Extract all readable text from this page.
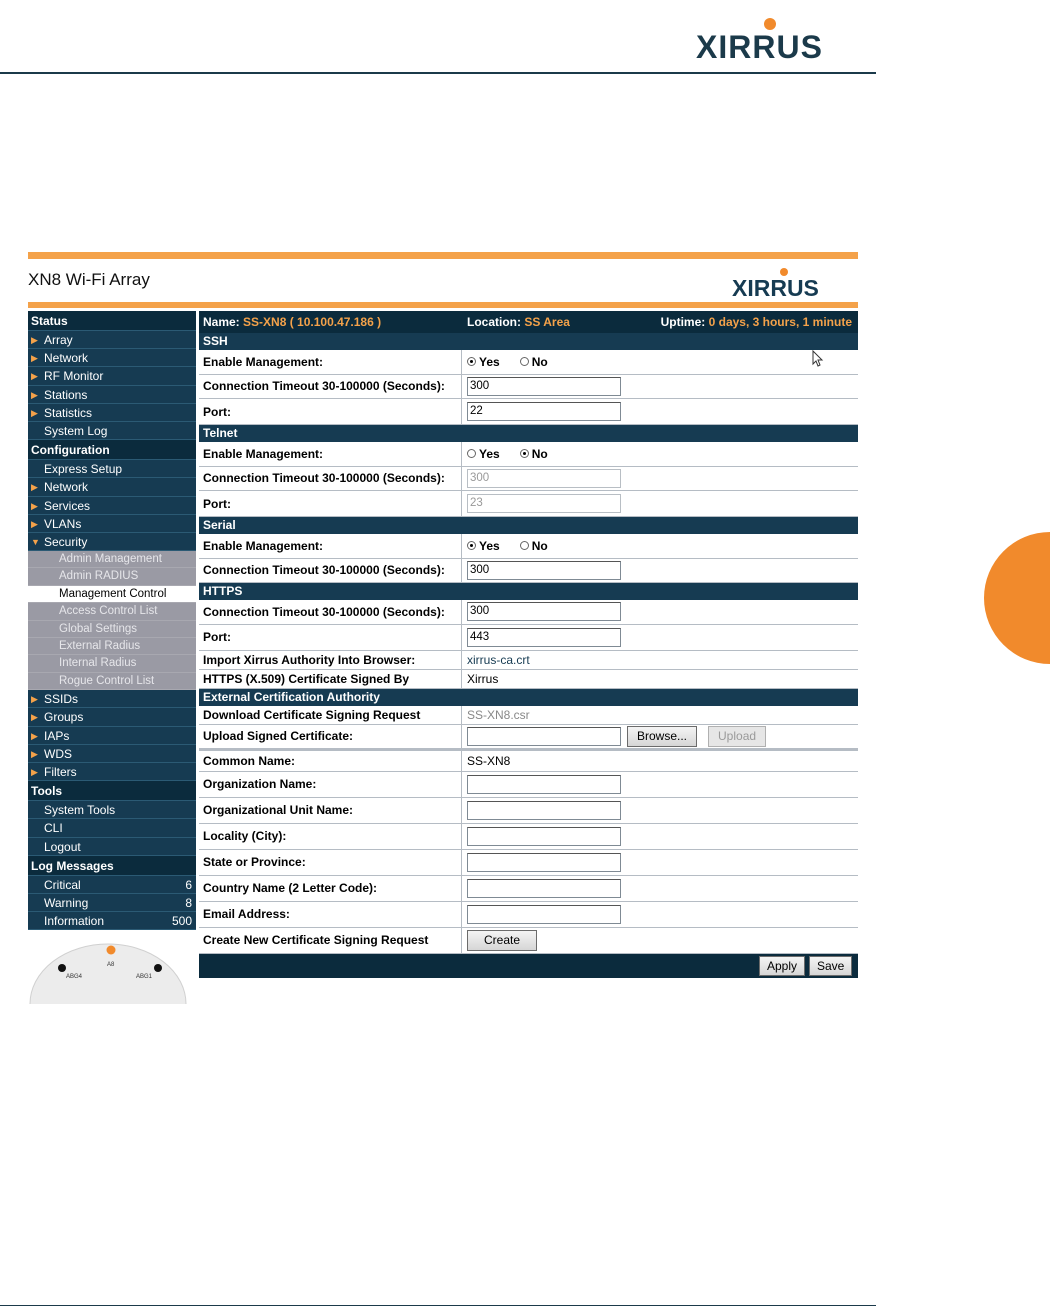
XIRRUS
XN8 Wi-Fi Array	XIRRUS
Status
▶ Array
▶ Network
▶ RF Monitor
▶ Stations
▶ Statistics
System Log
Configuration
Express Setup
▶ Network
▶ Services
▶ VLANs
▼ Security
Admin Management
Admin RADIUS
Management Control
Access Control List
Global Settings
External Radius
Internal Radius
Rogue Control List
▶ SSIDs
▶ Groups
▶ IAPs
▶ WDS
▶ Filters
Tools
System Tools
CLI
Logout
Log Messages
Critical	6
Warning	8
Information	500
A8
ABG4	ABG1
Name: SS-XN8 ( 10.100.47.186 )	Location: SS Area	Uptime: 0 days, 3 hours, 1 minute
SSH
Enable Management:	Yes	No
Connection Timeout 30-100000 (Seconds):	300
Port:	22
Telnet
Enable Management:	Yes	No
Connection Timeout 30-100000 (Seconds):	300
Port:	23
Serial
Enable Management:	Yes	No
Connection Timeout 30-100000 (Seconds):	300
HTTPS
Connection Timeout 30-100000 (Seconds):	300
Port:	443
Import Xirrus Authority Into Browser:	xirrus-ca.crt
HTTPS (X.509) Certificate Signed By	Xirrus
External Certification Authority
Download Certificate Signing Request	SS-XN8.csr
Upload Signed Certificate:	Browse...	Upload
Common Name:	SS-XN8
Organization Name:
Organizational Unit Name:
Locality (City):
State or Province:
Country Name (2 Letter Code):
Email Address:
Create New Certificate Signing Request	Create
Apply	Save
